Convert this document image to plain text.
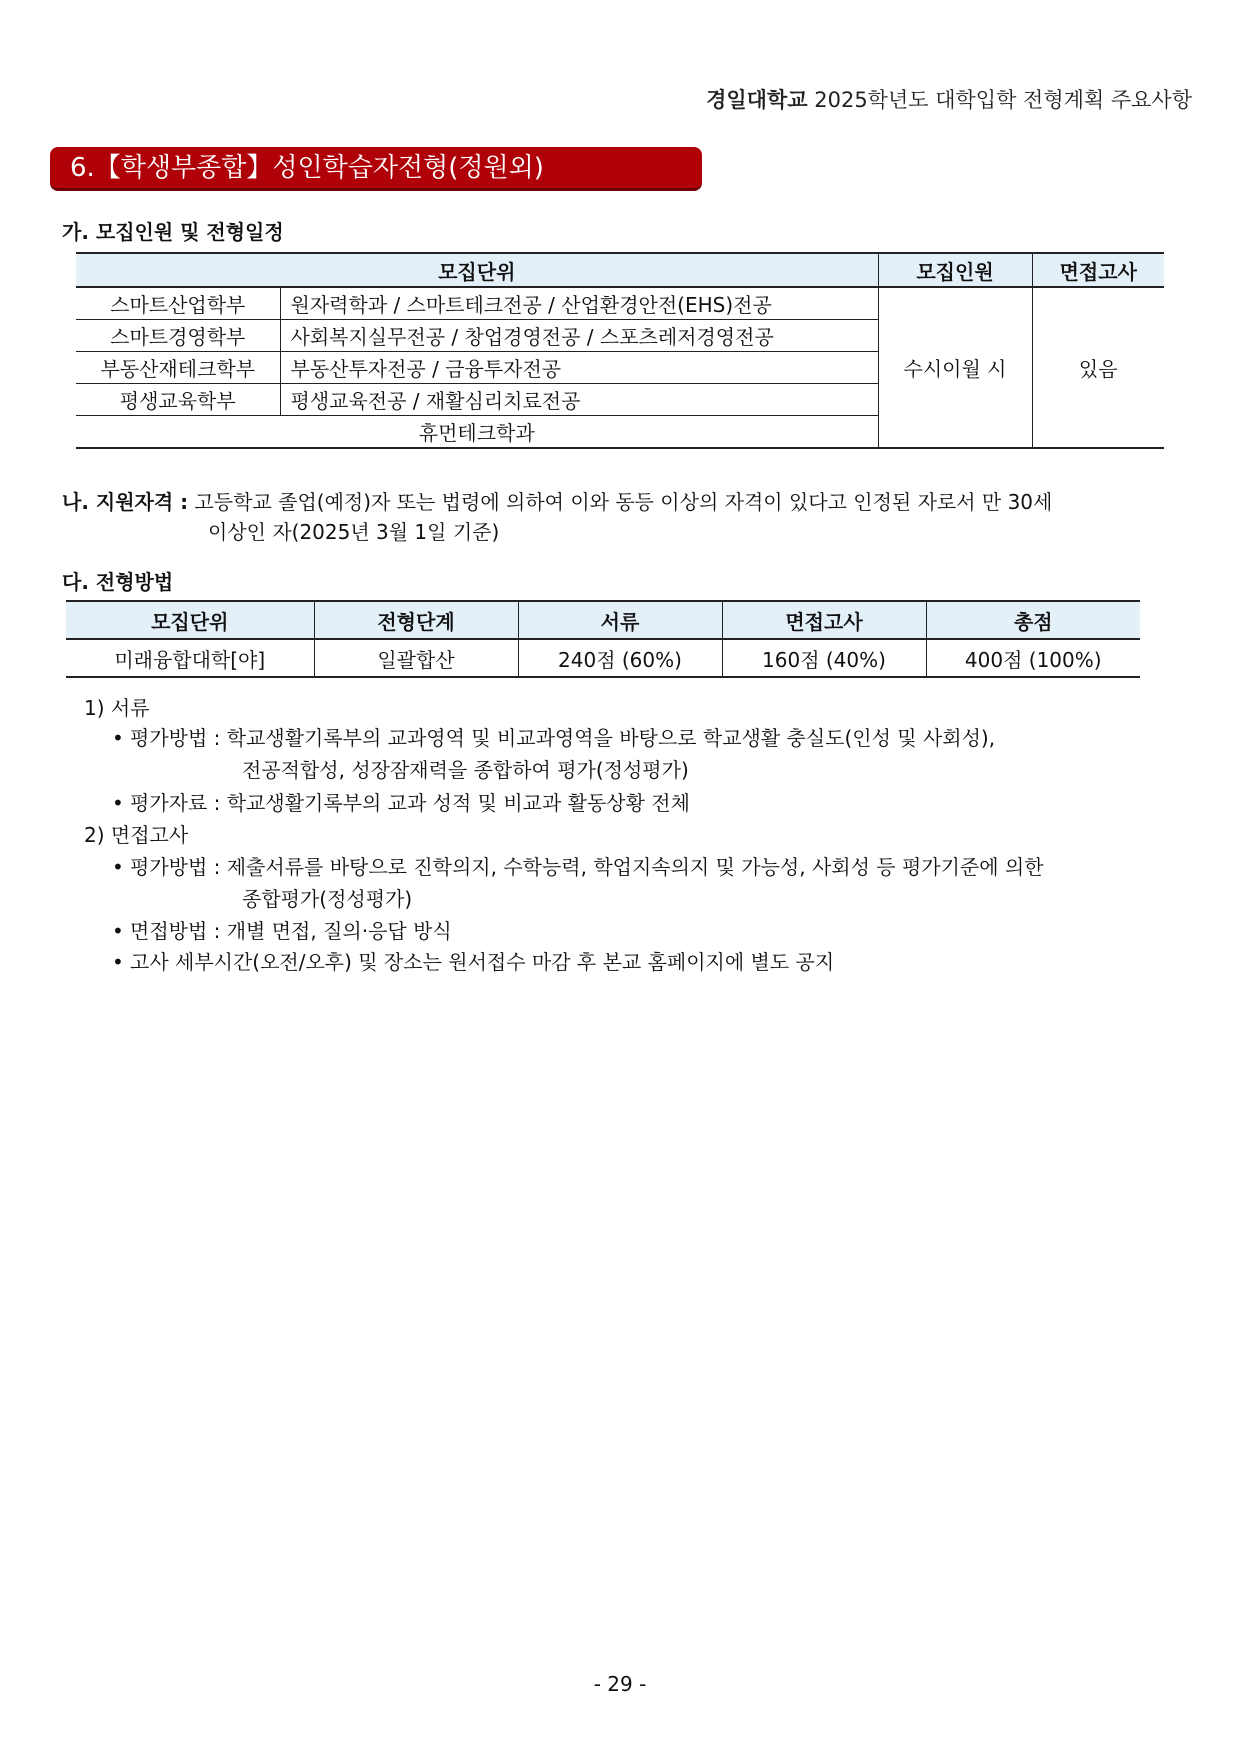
경일대학교 2025학년도 대학입학 전형계획 주요사항
6.【학생부종합】성인학습자전형(정원외)
가. 모집인원 및 전형일정
모집단위		모집인원	면접고사
스마트산업학부	원자력학과 / 스마트테크전공 / 산업환경안전(EHS)전공	수시이월 시	있음
스마트경영학부	사회복지실무전공 / 창업경영전공 / 스포츠레저경영전공		
부동산재테크학부	부동산투자전공 / 금융투자전공		
평생교육학부	평생교육전공 / 재활심리치료전공		
휴먼테크학과			
나. 지원자격 : 고등학교 졸업(예정)자 또는 법령에 의하여 이와 동등 이상의 자격이 있다고 인정된 자로서 만 30세
이상인 자(2025년 3월 1일 기준)
다. 전형방법
모집단위	전형단계	서류	면접고사	총점
미래융합대학[야]	일괄합산	240점 (60%)	160점 (40%)	400점 (100%)
1) 서류
• 평가방법 : 학교생활기록부의 교과영역 및 비교과영역을 바탕으로 학교생활 충실도(인성 및 사회성),
전공적합성, 성장잠재력을 종합하여 평가(정성평가)
• 평가자료 : 학교생활기록부의 교과 성적 및 비교과 활동상황 전체
2) 면접고사
• 평가방법 : 제출서류를 바탕으로 진학의지, 수학능력, 학업지속의지 및 가능성, 사회성 등 평가기준에 의한
종합평가(정성평가)
• 면접방법 : 개별 면접, 질의·응답 방식
• 고사 세부시간(오전/오후) 및 장소는 원서접수 마감 후 본교 홈페이지에 별도 공지
- 29 -
